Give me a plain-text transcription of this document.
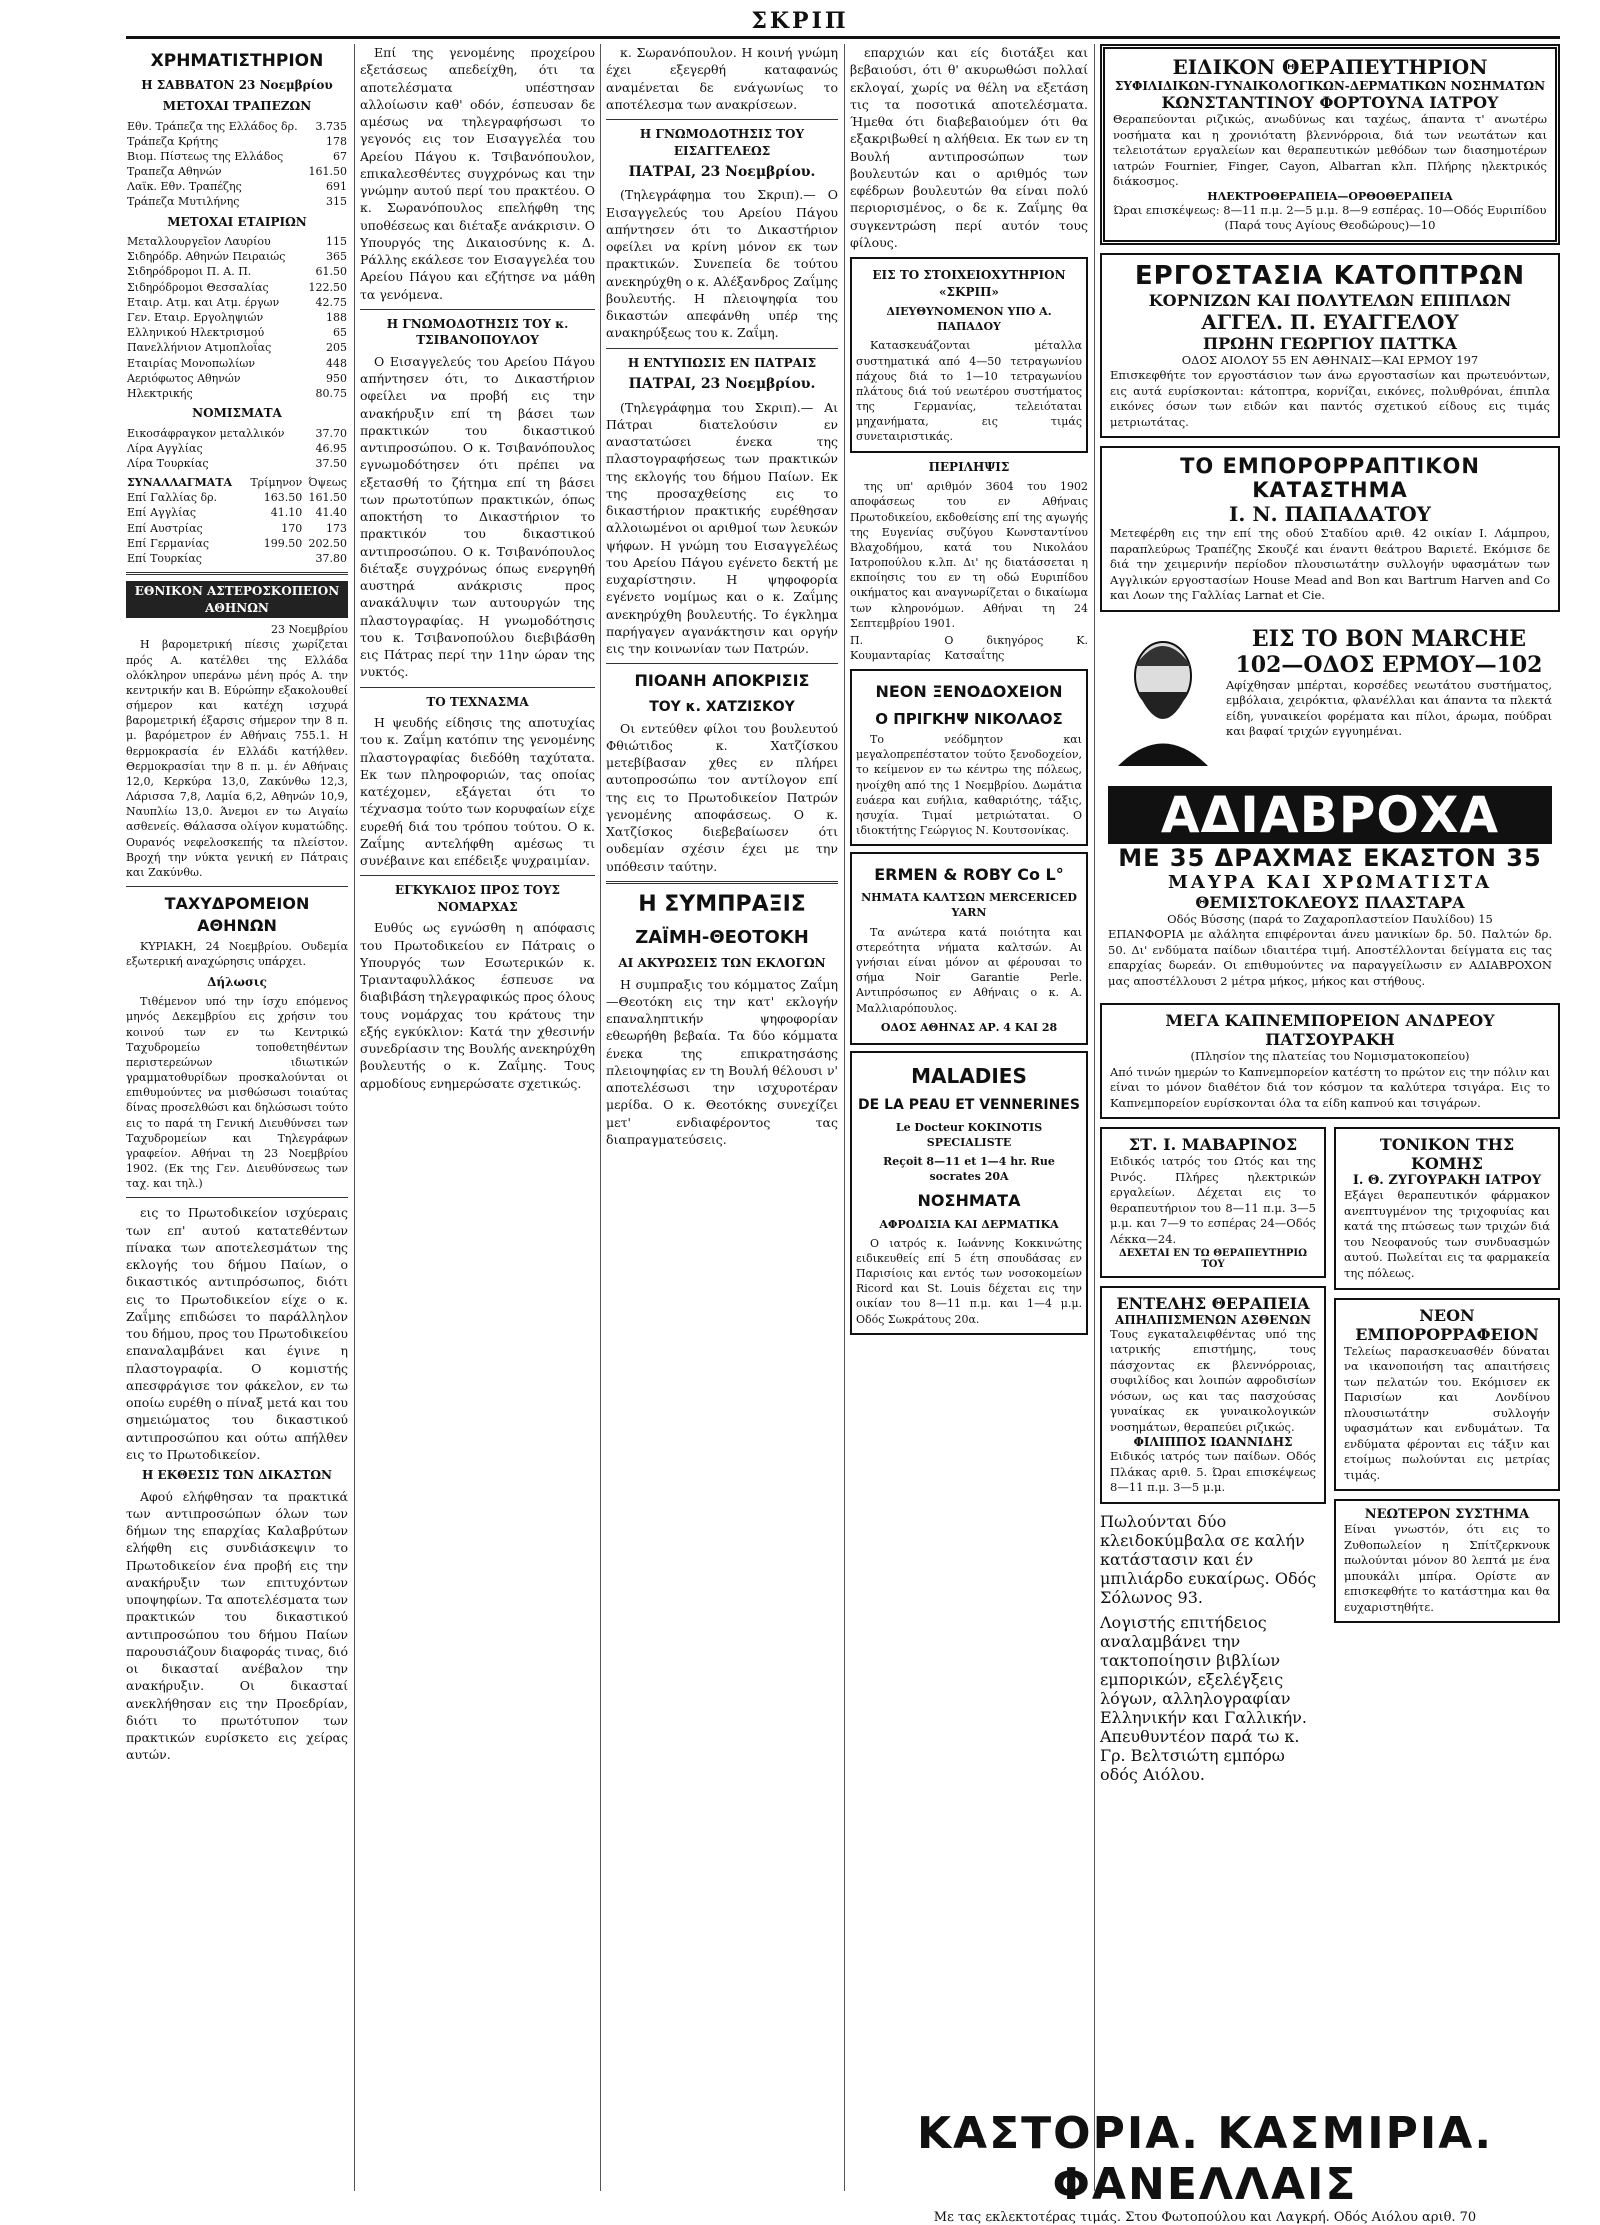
ΣΚΡΙΠ
ΧΡΗΜΑΤΙΣΤΗΡΙΟΝ
Η ΣΑΒΒΑΤΟΝ 23 Νοεμβρίου
ΜΕΤΟΧΑΙ ΤΡΑΠΕΖΩΝ
Εθν. Τράπεζα της Ελλάδος δρ.	3.735
Τράπεζα Κρήτης	178
Βιομ. Πίστεως της Ελλάδος	67
Τραπεζα Αθηνών	161.50
Λαϊκ. Εθν. Τραπέζης	691
Τράπεζα Μυτιλήνης	315
ΜΕΤΟΧΑΙ ΕΤΑΙΡΙΩΝ
Μεταλλουργεῖον Λαυρίου	115
Σιδηρόδρ. Αθηνών Πειραιώς	365
Σιδηρόδρομοι Π. Α. Π.	61.50
Σιδηρόδρομοι Θεσσαλίας	122.50
Εταιρ. Ατμ. και Ατμ. έργων	42.75
Γεν. Εταιρ. Εργοληψιών	188
Ελληνικού Ηλεκτρισμού	65
Πανελλήνιον Ατμοπλοΐας	205
Εταιρίας Μονοπωλίων	448
Αεριόφωτος Αθηνών	950
Ηλεκτρικής	80.75
ΝΟΜΙΣΜΑΤΑ
Εικοσάφραγκον μεταλλικόν	37.70
Λίρα Αγγλίας	46.95
Λίρα Τουρκίας	37.50
ΣΥΝΑΛΛΑΓΜΑΤΑ	Τρίμηνον	Όψεως
Επί Γαλλίας δρ.	163.50	161.50
Επί Αγγλίας	41.10	41.40
Επί Αυστρίας	170	173
Επί Γερμανίας	199.50	202.50
Επί Τουρκίας		37.80
ΕΘΝΙΚΟΝ ΑΣΤΕΡΟΣΚΟΠΕΙΟΝ ΑΘΗΝΩΝ
23 Νοεμβρίου
Η βαρομετρική πίεσις χωρίζεται πρός Α. κατέλθει της Ελλάδα ολόκληρον υπεράνω μένη πρός Α. την κεντρικήν και Β. Εύρώπην εξακολουθεί σήμερον και κατέχη ισχυρά βαρομετρική έξαρσις σήμερον την 8 π. μ. βαρόμετρον έν Αθήναις 755.1. Η θερμοκρασία έν Ελλάδι κατήλθεν. Θερμοκρασίαι την 8 π. μ. έν Αθήναις 12,0, Κερκύρα 13,0, Ζακύνθω 12,3, Λάρισσα 7,8, Λαμία 6,2, Αθηνών 10,9, Ναυπλίω 13,0. Άνεμοι εν τω Αιγαίω ασθενείς. Θάλασσα ολίγον κυματώδης. Ουρανός νεφελοσκεπής τα πλείστον. Βροχή την νύκτα γενική εν Πάτραις και Ζακύνθω.
ΤΑΧΥΔΡΟΜΕΙΟΝ ΑΘΗΝΩΝ
ΚΥΡΙΑΚΗ, 24 Νοεμβρίου. Ουδεμία εξωτερική αναχώρησις υπάρχει.
Δήλωσις
Τιθέμενον υπό την ίσχυ επόμενος μηνός Δεκεμβρίου εις χρήσιν του κοινού των εν τω Κεντρικώ Ταχυδρομείω τοποθετηθέντων περιστερεώνων ιδιωτικών γραμματοθυρίδων προσκαλούνται οι επιθυμούντες να μισθώσωσι τοιαύτας δίνας προσελθώσι και δηλώσωσι τούτο εις το παρά τη Γενική Διευθύνσει των Ταχυδρομείων και Τηλεγράφων γραφείον. Αθήναι τη 23 Νοεμβρίου 1902. (Εκ της Γεν. Διευθύνσεως των ταχ. και τηλ.)
εις το Πρωτοδικείον ισχύεραις των επ' αυτού κατατεθέντων πίνακα των αποτελεσμάτων της εκλογής του δήμου Παίων, ο δικαστικός αντιπρόσωπος, διότι εις το Πρωτοδικείον είχε ο κ. Ζαΐμης επιδώσει το παράλληλον του δήμου, προς του Πρωτοδικείου επαναλαμβάνει και έγινε η πλαστογραφία. Ο κομιστής απεσφράγισε τον φάκελον, εν τω οποίω ευρέθη ο πίναξ μετά και του σημειώματος του δικαστικού αντιπροσώπου και ούτω απήλθεν εις το Πρωτοδικείον.
Η ΕΚΘΕΣΙΣ ΤΩΝ ΔΙΚΑΣΤΩΝ
Αφού ελήφθησαν τα πρακτικά των αντιπροσώπων όλων των δήμων της επαρχίας Καλαβρύτων ελήφθη εις συνδιάσκεψιν το Πρωτοδικείον ένα προβή εις την ανακήρυξιν των επιτυχόντων υποψηφίων. Τα αποτελέσματα των πρακτικών του δικαστικού αντιπροσώπου του δήμου Παίων παρουσιάζουν διαφοράς τινας, διό οι δικασταί ανέβαλον την ανακήρυξιν. Οι δικασταί ανεκλήθησαν εις την Προεδρίαν, διότι το πρωτότυπον των πρακτικών ευρίσκετο εις χείρας αυτών.
Επί της γενομένης προχείρου εξετάσεως απεδείχθη, ότι τα αποτελέσματα υπέστησαν αλλοίωσιν καθ' οδόν, έσπευσαν δε αμέσως να τηλεγραφήσωσι το γεγονός εις τον Εισαγγελέα του Αρείου Πάγου κ. Τσιβανόπουλον, επικαλεσθέντες συγχρόνως και την γνώμην αυτού περί του πρακτέου. Ο κ. Σωρανόπουλος επελήφθη της υποθέσεως και διέταξε ανάκρισιν. Ο Υπουργός της Δικαιοσύνης κ. Δ. Ράλλης εκάλεσε τον Εισαγγελέα του Αρείου Πάγου και εζήτησε να μάθη τα γενόμενα.
Η ΓΝΩΜΟΔΟΤΗΣΙΣ ΤΟΥ κ. ΤΣΙΒΑΝΟΠΟΥΛΟΥ
Ο Εισαγγελεύς του Αρείου Πάγου απήντησεν ότι, το Δικαστήριον οφείλει να προβή εις την ανακήρυξιν επί τη βάσει των πρακτικών του δικαστικού αντιπροσώπου. Ο κ. Τσιβανόπουλος εγνωμοδότησεν ότι πρέπει να εξετασθή το ζήτημα επί τη βάσει των πρωτοτύπων πρακτικών, όπως αποκτήση το Δικαστήριον το πρακτικόν του δικαστικού αντιπροσώπου. Ο κ. Τσιβανόπουλος διέταξε συγχρόνως όπως ενεργηθή αυστηρά ανάκρισις προς ανακάλυψιν των αυτουργών της πλαστογραφίας. Η γνωμοδότησις του κ. Τσιβανοπούλου διεβιβάσθη εις Πάτρας περί την 11ην ώραν της νυκτός.
ΤΟ ΤΕΧΝΑΣΜΑ
Η ψευδής είδησις της αποτυχίας του κ. Ζαΐμη κατόπιν της γενομένης πλαστογραφίας διεδόθη ταχύτατα. Εκ των πληροφοριών, τας οποίας κατέχομεν, εξάγεται ότι το τέχνασμα τούτο των κορυφαίων είχε ευρεθή διά του τρόπου τούτου. Ο κ. Ζαΐμης αντελήφθη αμέσως τι συνέβαινε και επέδειξε ψυχραιμίαν.
ΕΓΚΥΚΛΙΟΣ ΠΡΟΣ ΤΟΥΣ ΝΟΜΑΡΧΑΣ
Ευθύς ως εγνώσθη η απόφασις του Πρωτοδικείου εν Πάτραις ο Υπουργός των Εσωτερικών κ. Τριανταφυλλάκος έσπευσε να διαβιβάση τηλεγραφικώς προς όλους τους νομάρχας του κράτους την εξής εγκύκλιον: Κατά την χθεσινήν συνεδρίασιν της Βουλής ανεκηρύχθη βουλευτής ο κ. Ζαΐμης. Τους αρμοδίους ενημερώσατε σχετικώς.
κ. Σωρανόπουλον. Η κοινή γνώμη έχει εξεγερθή καταφανώς αναμένεται δε ενάγωνίως το αποτέλεσμα των ανακρίσεων.
Η ΓΝΩΜΟΔΟΤΗΣΙΣ ΤΟΥ ΕΙΣΑΓΓΕΛΕΩΣ
ΠΑΤΡΑΙ, 23 Νοεμβρίου.
(Τηλεγράφημα του Σκριπ).— Ο Εισαγγελεύς του Αρείου Πάγου απήντησεν ότι το Δικαστήριον οφείλει να κρίνη μόνον εκ των πρακτικών. Συνεπεία δε τούτου ανεκηρύχθη ο κ. Αλέξανδρος Ζαΐμης βουλευτής. Η πλειοψηφία του δικαστών απεφάνθη υπέρ της ανακηρύξεως του κ. Ζαΐμη.
Η ΕΝΤΥΠΩΣΙΣ ΕΝ ΠΑΤΡΑΙΣ
ΠΑΤΡΑΙ, 23 Νοεμβρίου.
(Τηλεγράφημα του Σκριπ).— Αι Πάτραι διατελούσιν εν αναστατώσει ένεκα της πλαστογραφήσεως των πρακτικών της εκλογής του δήμου Παίων. Εκ της προσαχθείσης εις το δικαστήριον πρακτικής ευρέθησαν αλλοιωμένοι οι αριθμοί των λευκών ψήφων. Η γνώμη του Εισαγγελέως του Αρείου Πάγου εγένετο δεκτή με ευχαρίστησιν. Η ψηφοφορία εγένετο νομίμως και ο κ. Ζαΐμης ανεκηρύχθη βουλευτής. Το έγκλημα παρήγαγεν αγανάκτησιν και οργήν εις την κοινωνίαν των Πατρών.
ΠΙΟΑΝΗ ΑΠΟΚΡΙΣΙΣ
ΤΟΥ κ. ΧΑΤΖΙΣΚΟΥ
Οι εντεύθεν φίλοι του βουλευτού Φθιώτιδος κ. Χατζίσκου μετεβίβασαν χθες εν πλήρει αυτοπροσώπω τον αντίλογον επί της εις το Πρωτοδικείον Πατρών γενομένης αποφάσεως. Ο κ. Χατζίσκος διεβεβαίωσεν ότι ουδεμίαν σχέσιν έχει με την υπόθεσιν ταύτην.
Η ΣΥΜΠΡΑΞΙΣ
ΖΑΪΜΗ-ΘΕΟΤΟΚΗ
ΑΙ ΑΚΥΡΩΣΕΙΣ ΤΩΝ ΕΚΛΟΓΩΝ
Η συμπραξις του κόμματος Ζαΐμη—Θεοτόκη εις την κατ' εκλογήν επαναληπτικήν ψηφοφορίαν εθεωρήθη βεβαία. Τα δύο κόμματα ένεκα της επικρατησάσης πλειοψηφίας εν τη Βουλή θέλουσι ν' αποτελέσωσι την ισχυροτέραν μερίδα. Ο κ. Θεοτόκης συνεχίζει μετ' ενδιαφέροντος τας διαπραγματεύσεις.
επαρχιών και είς διοτάξει και βεβαιούσι, ότι θ' ακυρωθώσι πολλαί εκλογαί, χωρίς να θέλη να εξετάση τις τα ποσοτικά αποτελέσματα. Ήμεθα ότι διαβεβαιούμεν ότι θα εξακριβωθεί η αλήθεια. Εκ των εν τη Βουλή αντιπροσώπων των βουλευτών και ο αριθμός των εφέδρων βουλευτών θα είναι πολύ περιορισμένος, ο δε κ. Ζαΐμης θα συγκεντρώση περί αυτόν τους φίλους.
ΕΙΣ ΤΟ ΣΤΟΙΧΕΙΟΧΥΤΗΡΙΟΝ «ΣΚΡΙΠ»
ΔΙΕΥΘΥΝΟΜΕΝΟΝ ΥΠΟ Α. ΠΑΠΑΔΟΥ
Κατασκευάζονται μέταλλα συστηματικά από 4—50 τετραγωνίου πάχους διά το 1—10 τετραγωνίου πλάτους διά τού νεωτέρου συστήματος της Γερμανίας, τελειόταται μηχανήματα, εις τιμάς συνεταιριστικάς.
ΠΕΡΙΛΗΨΙΣ
της υπ' αριθμόν 3604 του 1902 αποφάσεως του εν Αθήναις Πρωτοδικείου, εκδοθείσης επί της αγωγής της Ευγενίας συζύγου Κωνσταντίνου Βλαχοδήμου, κατά του Νικολάου Ιατροπούλου κ.λπ. Δι' ης διατάσσεται η εκποίησις του εν τη οδώ Ευριπίδου οικήματος και αναγνωρίζεται ο δικαίωμα των κληρονόμων. Αθήναι τη 24 Σεπτεμβρίου 1901.
Π. Κουμανταρίας
Ο δικηγόρος Κ. Κατσαΐτης
ΝΕΟΝ ΞΕΝΟΔΟΧΕΙΟΝ
Ο ΠΡΙΓΚΗΨ ΝΙΚΟΛΑΟΣ
Το νεόδμητον και μεγαλοπρεπέστατον τούτο ξενοδοχείον, το κείμενον εν τω κέντρω της πόλεως, ηνοίχθη από της 1 Νοεμβρίου. Δωμάτια ευάερα και ευήλια, καθαριότης, τάξις, ησυχία. Τιμαί μετριώταται. Ο ιδιοκτήτης Γεώργιος Ν. Κουτσονίκας.
ERMEN & ROBY Co L°
ΝΗΜΑΤΑ ΚΑΛΤΣΩΝ MERCERICED YARN
Τα ανώτερα κατά ποιότητα και στερεότητα νήματα καλτσών. Αι γνήσιαι είναι μόνον αι φέρουσαι το σήμα Noir Garantie Perle. Αντιπρόσωπος εν Αθήναις ο κ. Α. Μαλλιαρόπουλος.
ΟΔΟΣ ΑΘΗΝΑΣ ΑΡ. 4 ΚΑΙ 28
MALADIES
DE LA PEAU ET VENNERINES
Le Docteur KOKINOTIS SPECIALISTE
Reçoit 8—11 et 1—4 hr. Rue socrates 20A
ΝΟΣΗΜΑΤΑ
ΑΦΡΟΔΙΣΙΑ ΚΑΙ ΔΕΡΜΑΤΙΚΑ
Ο ιατρός κ. Ιωάννης Κοκκινώτης ειδικευθείς επί 5 έτη σπουδάσας εν Παρισίοις και εντός των νοσοκομείων Ricord και St. Louis δέχεται εις την οικίαν του 8—11 π.μ. και 1—4 μ.μ. Οδός Σωκράτους 20α.
ΕΙΔΙΚΟΝ ΘΕΡΑΠΕΥΤΗΡΙΟΝ
ΣΥΦΙΛΙΔΙΚΩΝ-ΓΥΝΑΙΚΟΛΟΓΙΚΩΝ-ΔΕΡΜΑΤΙΚΩΝ ΝΟΣΗΜΑΤΩΝ
ΚΩΝΣΤΑΝΤΙΝΟΥ ΦΟΡΤΟΥΝΑ ΙΑΤΡΟΥ
Θεραπεύονται ριζικώς, ανωδύνως και ταχέως, άπαντα τ' ανωτέρω νοσήματα και η χρονιότατη βλεννόρροια, διά των νεωτάτων και τελειοτάτων εργαλείων και θεραπευτικών μεθόδων των διασημοτέρων ιατρών Fournier, Finger, Cayon, Albarran κλπ. Πλήρης ηλεκτρικός διάκοσμος.
ΗΛΕΚΤΡΟΘΕΡΑΠΕΙΑ—ΟΡΘΟΘΕΡΑΠΕΙΑ
Ώραι επισκέψεως: 8—11 π.μ. 2—5 μ.μ. 8—9 εσπέρας. 10—Οδός Ευριπίδου (Παρά τους Αγίους Θεοδώρους)—10
ΕΡΓΟΣΤΑΣΙΑ ΚΑΤΟΠΤΡΩΝ
ΚΟΡΝΙΖΩΝ ΚΑΙ ΠΟΛΥΤΕΛΩΝ ΕΠΙΠΛΩΝ
ΑΓΓΕΛ. Π. ΕΥΑΓΓΕΛΟΥ
ΠΡΩΗΝ ΓΕΩΡΓΙΟΥ ΠΑΤΤΚΑ
ΟΔΟΣ ΑΙΟΛΟΥ 55 ΕΝ ΑΘΗΝΑΙΣ—ΚΑΙ ΕΡΜΟΥ 197
Επισκεφθήτε τον εργοστάσιον των άνω εργοστασίων και πρωτευόντων, εις αυτά ευρίσκονται: κάτοπτρα, κορνίζαι, εικόνες, πολυθρόναι, έπιπλα εικόνες όσων των ειδών και παντός σχετικού είδους εις τιμάς μετριωτάτας.
ΤΟ ΕΜΠΟΡΟΡΡΑΠΤΙΚΟΝ ΚΑΤΑΣΤΗΜΑ
Ι. Ν. ΠΑΠΑΔΑΤΟΥ
Μετεφέρθη εις την επί της οδού Σταδίου αριθ. 42 οικίαν Ι. Λάμπρου, παραπλεύρως Τραπέζης Σκουζέ και έναντι θεάτρου Βαριετέ. Εκόμισε δε διά την χειμερινήν περίοδον πλουσιωτάτην συλλογήν υφασμάτων των Αγγλικών εργοστασίων House Mead and Bon και Bartrum Harven and Co και Λοων της Γαλλίας Larnat et Cie.
ΕΙΣ ΤΟ BON MARCHE
102—ΟΔΟΣ ΕΡΜΟΥ—102
Αφίχθησαν μπέρται, κορσέδες νεωτάτου συστήματος, εμβόλαια, χειρόκτια, φλανέλλαι και άπαντα τα πλεκτά είδη, γυναικείοι φορέματα και πίλοι, άρωμα, πούδραι και βαφαί τριχών εγγυημέναι.
ΑΔΙΑΒΡΟΧΑ
ΜΕ 35 ΔΡΑΧΜΑΣ ΕΚΑΣΤΟΝ 35
ΜΑΥΡΑ ΚΑΙ ΧΡΩΜΑΤΙΣΤΑ
ΘΕΜΙΣΤΟΚΛΕΟΥΣ ΠΛΑΣΤΑΡΑ
Οδός Βύσσης (παρά το Ζαχαροπλαστείον Παυλίδου) 15
ΕΠΑΝΦΟΡΙΑ με αλάλητα επιφέρονται άνευ μανικίων δρ. 50. Παλτών δρ. 50. Δι' ενδύματα παίδων ιδιαιτέρα τιμή. Αποστέλλονται δείγματα εις τας επαρχίας δωρεάν. Οι επιθυμούντες να παραγγείλωσιν εν ΑΔΙΑΒΡΟΧΟΝ μας αποστέλλουσι 2 μέτρα μήκος, μήκος και στήθους.
ΜΕΓΑ ΚΑΠΝΕΜΠΟΡΕΙΟΝ ΑΝΔΡΕΟΥ ΠΑΤΣΟΥΡΑΚΗ
(Πλησίον της πλατείας του Νομισματοκοπείου)
Από τινών ημερών το Καπνεμπορείον κατέστη το πρώτον εις την πόλιν και είναι το μόνον διαθέτον διά τον κόσμον τα καλύτερα τσιγάρα. Εις το Καπνεμπορείον ευρίσκονται όλα τα είδη καπνού και τσιγάρων.
ΣΤ. Ι. ΜΑΒΑΡΙΝΟΣ
Ειδικός ιατρός του Ωτός και της Ρινός. Πλήρες ηλεκτρικών εργαλείων. Δέχεται εις το θεραπευτήριον του 8—11 π.μ. 3—5 μ.μ. και 7—9 το εσπέρας 24—Οδός Λέκκα—24.
ΔΕΧΕΤΑΙ ΕΝ ΤΩ ΘΕΡΑΠΕΥΤΗΡΙΩ ΤΟΥ
ΕΝΤΕΛΗΣ ΘΕΡΑΠΕΙΑ
ΑΠΗΛΠΙΣΜΕΝΩΝ ΑΣΘΕΝΩΝ
Τους εγκαταλειφθέντας υπό της ιατρικής επιστήμης, τους πάσχοντας εκ βλεννόρροιας, συφιλίδος και λοιπών αφροδισίων νόσων, ως και τας πασχούσας γυναίκας εκ γυναικολογικών νοσημάτων, θεραπεύει ριζικώς.
ΦΙΛΙΠΠΟΣ ΙΩΑΝΝΙΔΗΣ
Ειδικός ιατρός των παίδων. Οδός Πλάκας αριθ. 5. Ώραι επισκέψεως 8—11 π.μ. 3—5 μ.μ.
Πωλούνται δύο κλειδοκύμβαλα σε καλήν κατάστασιν και έν μπιλιάρδο ευκαίρως. Οδός Σόλωνος 93.
Λογιστής επιτήδειος αναλαμβάνει την τακτοποίησιν βιβλίων εμπορικών, εξελέγξεις λόγων, αλληλογραφίαν Ελληνικήν και Γαλλικήν. Απευθυντέον παρά τω κ. Γρ. Βελτσιώτη εμπόρω οδός Αιόλου.
ΤΟΝΙΚΟΝ ΤΗΣ ΚΟΜΗΣ
Ι. Θ. ΖΥΓΟΥΡΑΚΗ ΙΑΤΡΟΥ
Εξάγει θεραπευτικόν φάρμακον ανεπτυγμένον της τριχοφυίας και κατά της πτώσεως των τριχών διά του Νεοφανούς των συνδυασμών αυτού. Πωλείται εις τα φαρμακεία της πόλεως.
ΝΕΟΝ ΕΜΠΟΡΟΡΡΑΦΕΙΟΝ
Τελείως παρασκευασθέν δύναται να ικανοποιήση τας απαιτήσεις των πελατών του. Εκόμισεν εκ Παρισίων και Λονδίνου πλουσιωτάτην συλλογήν υφασμάτων και ενδυμάτων. Τα ενδύματα φέρονται εις τάξιν και ετοίμως πωλούνται εις μετρίας τιμάς.
ΝΕΩΤΕΡΟΝ ΣΥΣΤΗΜΑ
Είναι γνωστόν, ότι εις το Ζυθοπωλείον η Σπίτζερκνουκ πωλούνται μόνον 80 λεπτά με ένα μπουκάλι μπίρα. Ορίστε αν επισκεφθήτε το κατάστημα και θα ευχαριστηθήτε.
ΚΑΣΤΟΡΙΑ. ΚΑΣΜΙΡΙΑ. ΦΑΝΕΛΛΑΙΣ
Με τας εκλεκτοτέρας τιμάς. Στου Φωτοπούλου και Λαγκρή. Οδός Αιόλου αριθ. 70
